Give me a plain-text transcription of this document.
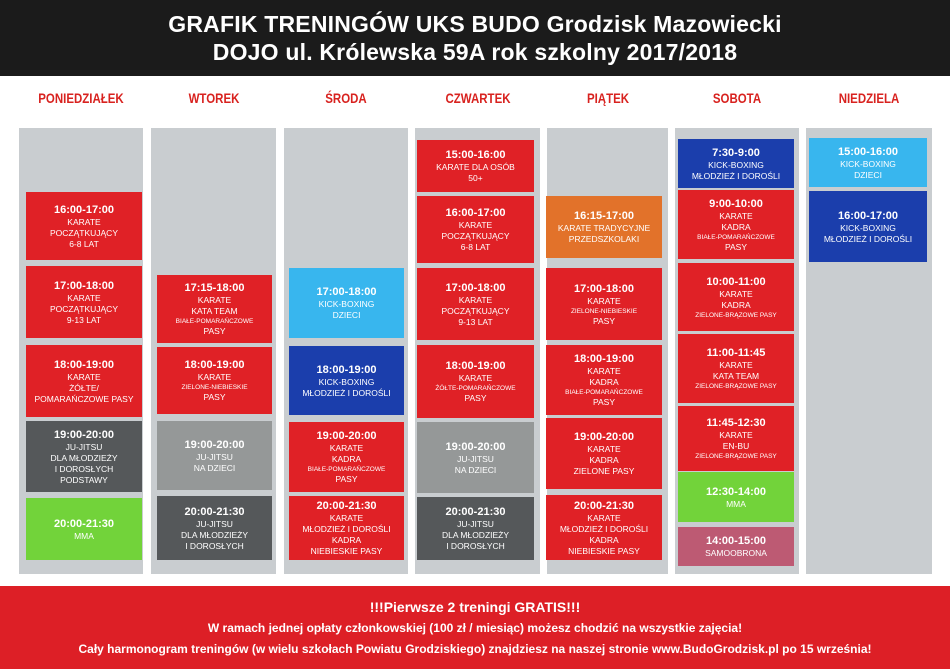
GRAFIK TRENINGÓW UKS BUDO Grodzisk Mazowiecki
DOJO ul. Królewska 59A rok szkolny 2017/2018
PONIEDZIAŁEK
16:00-17:00
KARATE
POCZĄTKUJĄCY
6-8 LAT
17:00-18:00
KARATE
POCZĄTKUJĄCY
9-13 LAT
18:00-19:00
KARATE
ŻÓŁTE/
POMARAŃCZOWE PASY
19:00-20:00
JU-JITSU
DLA MŁODZIEŻY
I DOROSŁYCH
PODSTAWY
20:00-21:30
MMA
WTOREK
17:15-18:00
KARATE
KATA TEAM
BIAŁE-POMARAŃCZOWE
PASY
18:00-19:00
KARATE
ZIELONE-NIEBIESKIE
PASY
19:00-20:00
JU-JITSU
NA DZIECI
20:00-21:30
JU-JITSU
DLA MŁODZIEŻY
I DOROSŁYCH
ŚRODA
17:00-18:00
KICK-BOXING
DZIECI
18:00-19:00
KICK-BOXING
MŁODZIEŻ I DOROŚLI
19:00-20:00
KARATE
KADRA
BIAŁE-POMARAŃCZOWE
PASY
20:00-21:30
KARATE
MŁODZIEŻ I DOROŚLI
KADRA
NIEBIESKIE PASY
CZWARTEK
15:00-16:00
KARATE DLA OSÓB
50+
16:00-17:00
KARATE
POCZĄTKUJĄCY
6-8 LAT
17:00-18:00
KARATE
POCZĄTKUJĄCY
9-13 LAT
18:00-19:00
KARATE
ŻÓŁTE-POMARAŃCZOWE
PASY
19:00-20:00
JU-JITSU
NA DZIECI
20:00-21:30
JU-JITSU
DLA MŁODZIEŻY
I DOROSŁYCH
PIĄTEK
16:15-17:00
KARATE TRADYCYJNE
PRZEDSZKOLAKI
17:00-18:00
KARATE
ZIELONE-NIEBIESKIE
PASY
18:00-19:00
KARATE
KADRA
BIAŁE-POMARAŃCZOWE
PASY
19:00-20:00
KARATE
KADRA
ZIELONE PASY
20:00-21:30
KARATE
MŁODZIEŻ I DOROŚLI
KADRA
NIEBIESKIE PASY
SOBOTA
7:30-9:00
KICK-BOXING
MŁODZIEŻ I DOROŚLI
9:00-10:00
KARATE
KADRA
BIAŁE-POMARAŃCZOWE
PASY
10:00-11:00
KARATE
KADRA
ZIELONE-BRĄZOWE PASY
11:00-11:45
KARATE
KATA TEAM
ZIELONE-BRĄZOWE PASY
11:45-12:30
KARATE
EN-BU
ZIELONE-BRĄZOWE PASY
12:30-14:00
MMA
14:00-15:00
SAMOOBRONA
NIEDZIELA
15:00-16:00
KICK-BOXING
DZIECI
16:00-17:00
KICK-BOXING
MŁODZIEŻ I DOROŚLI
!!!Pierwsze 2 treningi GRATIS!!!
W ramach jednej opłaty członkowskiej (100 zł / miesiąc) możesz chodzić na wszystkie zajęcia!
Cały harmonogram treningów (w wielu szkołach Powiatu Grodziskiego) znajdziesz na naszej stronie www.BudoGrodzisk.pl po 15 września!
